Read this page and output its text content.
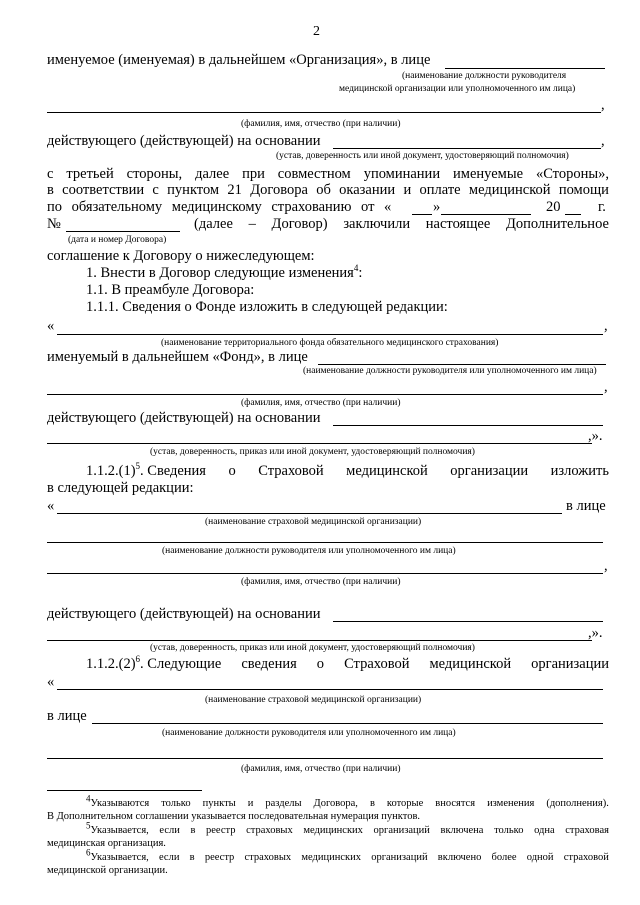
2
именуемое (именуемая) в дальнейшем «Организация», в лице
(наименование должности руководителя
медицинской организации или уполномоченного им лица)
,
(фамилия, имя, отчество (при наличии)
действующего (действующей) на основании	,
(устав, доверенность или иной документ, удостоверяющий полномочия)
с третьей стороны, далее при совместном упоминании именуемые «Стороны»,
в соответствии с пунктом 21 Договора об оказании и оплате медицинской помощи
по обязательному медицинскому страхованию от «	»	20	г.
№	(далее – Договор) заключили настоящее Дополнительное
(дата и номер Договора)
соглашение к Договору о нижеследующем:
1. Внести в Договор следующие изменения$^4$:
1.1. В преамбуле Договора:
1.1.1. Сведения о Фонде изложить в следующей редакции:
«	,
(наименование территориального фонда обязательного медицинского страхования)
именуемый в дальнейшем «Фонд», в лице
(наименование должности руководителя или уполномоченного им лица)
,
(фамилия, имя, отчество (при наличии)
действующего (действующей) на основании
,».
(устав, доверенность, приказ или иной документ, удостоверяющий полномочия)
$1.1.2.(1)^5$. Сведения о Страховой медицинской организации изложить
в следующей редакции:
«	в лице
(наименование страховой медицинской организации)
(наименование должности руководителя или уполномоченного им лица)
,
(фамилия, имя, отчество (при наличии)
действующего (действующей) на основании
,».
(устав, доверенность, приказ или иной документ, удостоверяющий полномочия)
$1.1.2.(2)^6$. Следующие сведения о Страховой медицинской организации
«
(наименование страховой медицинской организации)
в лице
(наименование должности руководителя или уполномоченного им лица)
(фамилия, имя, отчество (при наличии)
$^4$Указываются только пункты и разделы Договора, в которые вносятся изменения (дополнения).
В Дополнительном соглашении указывается последовательная нумерация пунктов.
$^5$Указывается, если в реестр страховых медицинских организаций включена только одна страховая
медицинская организация.
$^6$Указывается, если в реестр страховых медицинских организаций включено более одной страховой
медицинской организации.
